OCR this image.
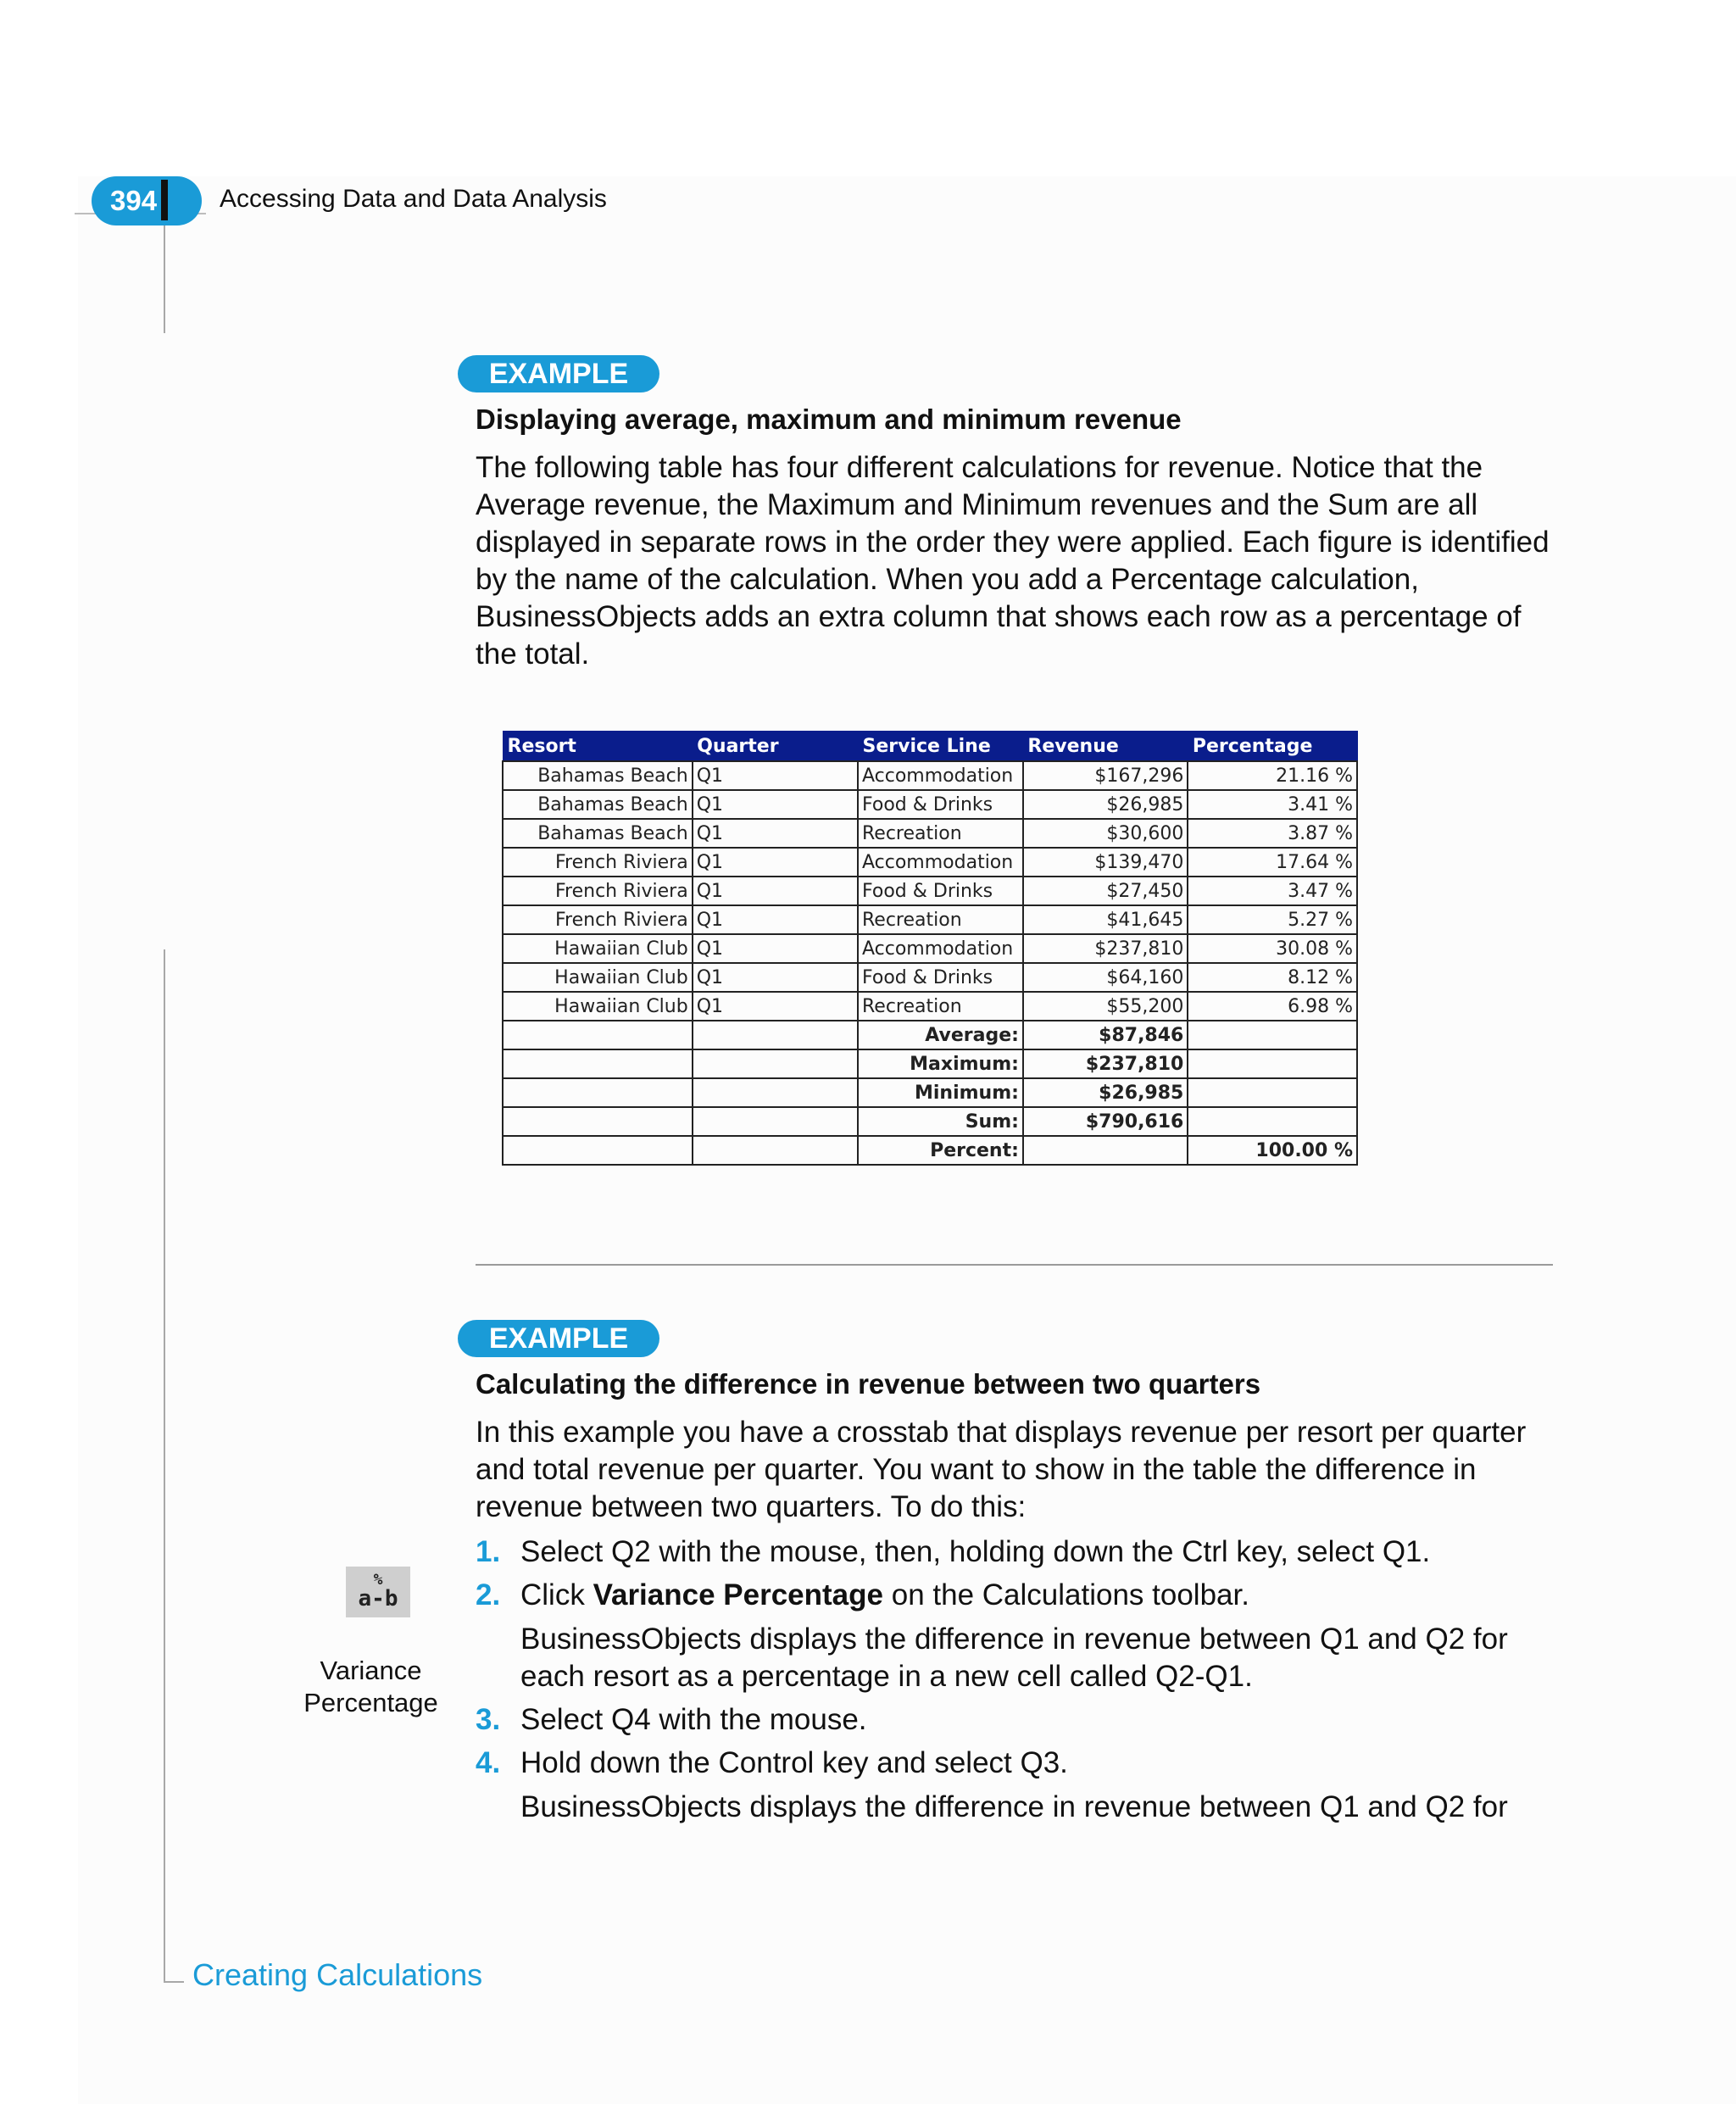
394	Accessing Data and Data Analysis
EXAMPLE
Displaying average, maximum and minimum revenue

The following table has four different calculations for revenue. Notice that the Average revenue, the Maximum and Minimum revenues and the Sum are all displayed in separate rows in the order they were applied. Each figure is identified by the name of the calculation. When you add a Percentage calculation, BusinessObjects adds an extra column that shows each row as a percentage of the total.

Resort	Quarter	Service Line	Revenue	Percentage
Bahamas Beach	Q1	Accommodation	$167,296	21.16 %
Bahamas Beach	Q1	Food & Drinks	$26,985	3.41 %
Bahamas Beach	Q1	Recreation	$30,600	3.87 %
French Riviera	Q1	Accommodation	$139,470	17.64 %
French Riviera	Q1	Food & Drinks	$27,450	3.47 %
French Riviera	Q1	Recreation	$41,645	5.27 %
Hawaiian Club	Q1	Accommodation	$237,810	30.08 %
Hawaiian Club	Q1	Food & Drinks	$64,160	8.12 %
Hawaiian Club	Q1	Recreation	$55,200	6.98 %
		Average:	$87,846	
		Maximum:	$237,810	
		Minimum:	$26,985	
		Sum:	$790,616	
		Percent:		100.00 %
EXAMPLE
Calculating the difference in revenue between two quarters

In this example you have a crosstab that displays revenue per resort per quarter and total revenue per quarter. You want to show in the table the difference in revenue between two quarters. To do this:

1. Select Q2 with the mouse, then, holding down the Ctrl key, select Q1.
2. Click Variance Percentage on the Calculations toolbar.

BusinessObjects displays the difference in revenue between Q1 and Q2 for each resort as a percentage in a new cell called Q2-Q1.

3. Select Q4 with the mouse.
4. Hold down the Control key and select Q3.

BusinessObjects displays the difference in revenue between Q1 and Q2 for

%
a-b
Variance Percentage
Creating Calculations
